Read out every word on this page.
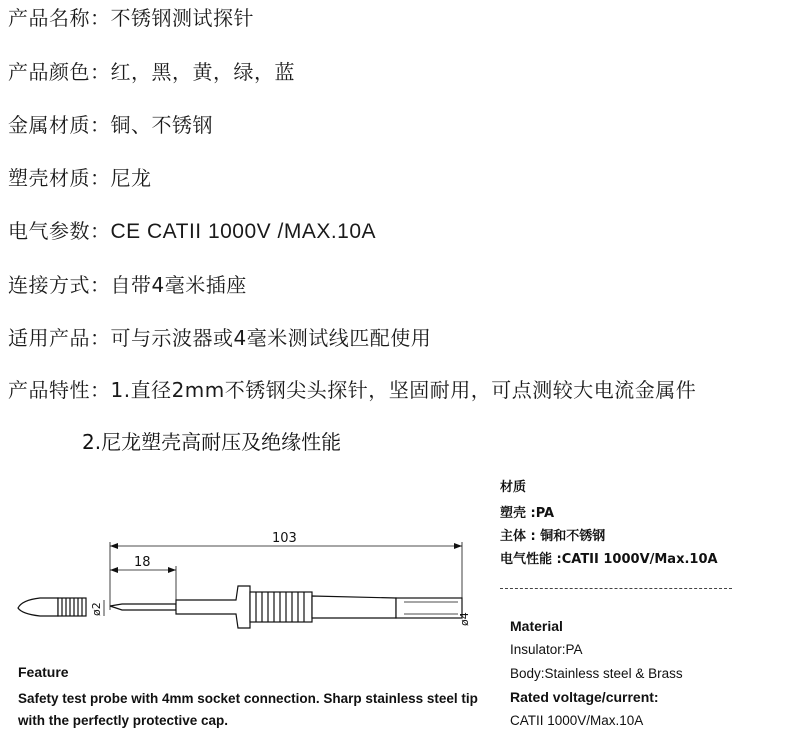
产品名称：不锈钢测试探针
产品颜色：红，黑，黄，绿，蓝
金属材质：铜、不锈钢
塑壳材质：尼龙
电气参数：CE CATII 1000V /MAX.10A
连接方式：自带4毫米插座
适用产品：可与示波器或4毫米测试线匹配使用
产品特性：1.直径2mm不锈钢尖头探针，坚固耐用，可点测较大电流金属件
2.尼龙塑壳高耐压及绝缘性能
材质
塑壳 :PA
主体 : 铜和不锈钢
电气性能 :CATII 1000V/Max.10A
Material
Insulator:PA
Body:Stainless steel & Brass
Rated voltage/current:
CATII 1000V/Max.10A
Feature
Safety test probe with 4mm socket connection. Sharp stainless steel tip with the perfectly protective cap.
103
18
ø2
ø4
